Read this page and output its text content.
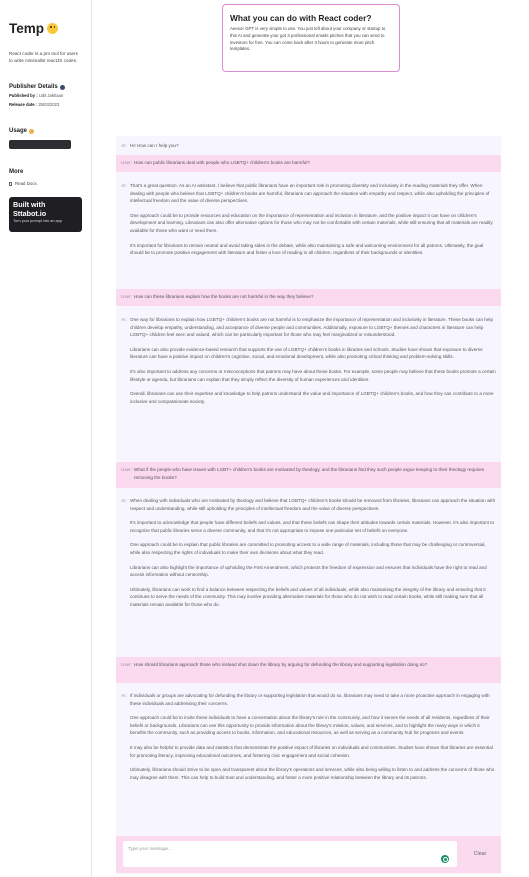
Temp
React coder is a pro tool for users to write minimalist reactJS codes.
Publisher Details
Published by : Udit Jakhaan
Release date : 25/03/2023
Usage
More
Read Docs
Built with
Sttabot.io
Turn your prompt into an app
What you can do with React coder?

Aeesor GPT is very simple to use. You just tell about your company or startup to this AI and generate your got 3 professional emails pitches that you can send to investors for free. You can come back after 3 hours to generate more pitch templates.

AI: Hi! How can I help you?
User: How can public librarians deal with people who LGBTQ+ children's books are harmful?
AI: That's a great question. As an AI assistant, I believe that public librarians have an important role in promoting diversity and inclusivity in the reading materials they offer. When dealing with people who believe that LGBTQ+ children's books are harmful, librarians can approach the situation with empathy and respect, while also upholding the principles of intellectual freedom and the value of diverse perspectives.

One approach could be to provide resources and education on the importance of representation and inclusion in literature, and the positive impact it can have on children's development and learning. Librarians can also offer alternative options for those who may not be comfortable with certain materials, while still ensuring that all materials are readily available for those who want or need them.

It's important for librarians to remain neutral and avoid taking sides in the debate, while also maintaining a safe and welcoming environment for all patrons. Ultimately, the goal should be to promote positive engagement with literature and foster a love of reading in all children, regardless of their backgrounds or identities.

User: How can these librarians explain how the books are not harmful in the way they believe?
AI: One way for librarians to explain how LGBTQ+ children's books are not harmful is to emphasize the importance of representation and inclusivity in literature. These books can help children develop empathy, understanding, and acceptance of diverse people and communities. Additionally, exposure to LGBTQ+ themes and characters in literature can help LGBTQ+ children feel seen and valued, which can be particularly important for those who may feel marginalized or misunderstood.

Librarians can also provide evidence-based research that supports the use of LGBTQ+ children's books in libraries and schools. Studies have shown that exposure to diverse literature can have a positive impact on children's cognitive, social, and emotional development, while also promoting critical thinking and problem-solving skills.

It's also important to address any concerns or misconceptions that patrons may have about these books. For example, some people may believe that these books promote a certain lifestyle or agenda, but librarians can explain that they simply reflect the diversity of human experiences and identities.

Overall, librarians can use their expertise and knowledge to help patrons understand the value and importance of LGBTQ+ children's books, and how they can contribute to a more inclusive and compassionate society.

User: What if the people who have issues with LGBT+ children's books are motivated by theology, and the librarians find they such people argue keeping to their theology requires removing the books?
AI: When dealing with individuals who are motivated by theology and believe that LGBTQ+ children's books should be removed from libraries, librarians can approach the situation with respect and understanding, while still upholding the principles of intellectual freedom and the value of diverse perspectives.

It's important to acknowledge that people have different beliefs and values, and that these beliefs can shape their attitudes towards certain materials. However, it's also important to recognize that public libraries serve a diverse community, and that it's not appropriate to impose one particular set of beliefs on everyone.

One approach could be to explain that public libraries are committed to promoting access to a wide range of materials, including those that may be challenging or controversial, while also respecting the rights of individuals to make their own decisions about what they read.

Librarians can also highlight the importance of upholding the First Amendment, which protects the freedom of expression and ensures that individuals have the right to read and access information without censorship.

Ultimately, librarians can work to find a balance between respecting the beliefs and values of all individuals, while also maintaining the integrity of the library and ensuring that it continues to serve the needs of the community. This may involve providing alternative materials for those who do not wish to read certain books, while still making sure that all materials remain available for those who do.

User: How should librarians approach those who instead shut down the library by arguing for defunding the library and supporting legislation doing so?
AI: If individuals or groups are advocating for defunding the library or supporting legislation that would do so, librarians may need to take a more proactive approach in engaging with these individuals and addressing their concerns.

One approach could be to invite these individuals to have a conversation about the library's role in the community, and how it serves the needs of all residents, regardless of their beliefs or backgrounds. Librarians can use this opportunity to provide information about the library's mission, values, and services, and to highlight the many ways in which it benefits the community, such as providing access to books, information, and educational resources, as well as serving as a community hub for programs and events.

It may also be helpful to provide data and statistics that demonstrate the positive impact of libraries on individuals and communities. Studies have shown that libraries are essential for promoting literacy, improving educational outcomes, and fostering civic engagement and social cohesion.

Ultimately, librarians should strive to be open and transparent about the library's operations and services, while also being willing to listen to and address the concerns of those who may disagree with them. This can help to build trust and understanding, and foster a more positive relationship between the library and its patrons.

Type your message...
Clear
